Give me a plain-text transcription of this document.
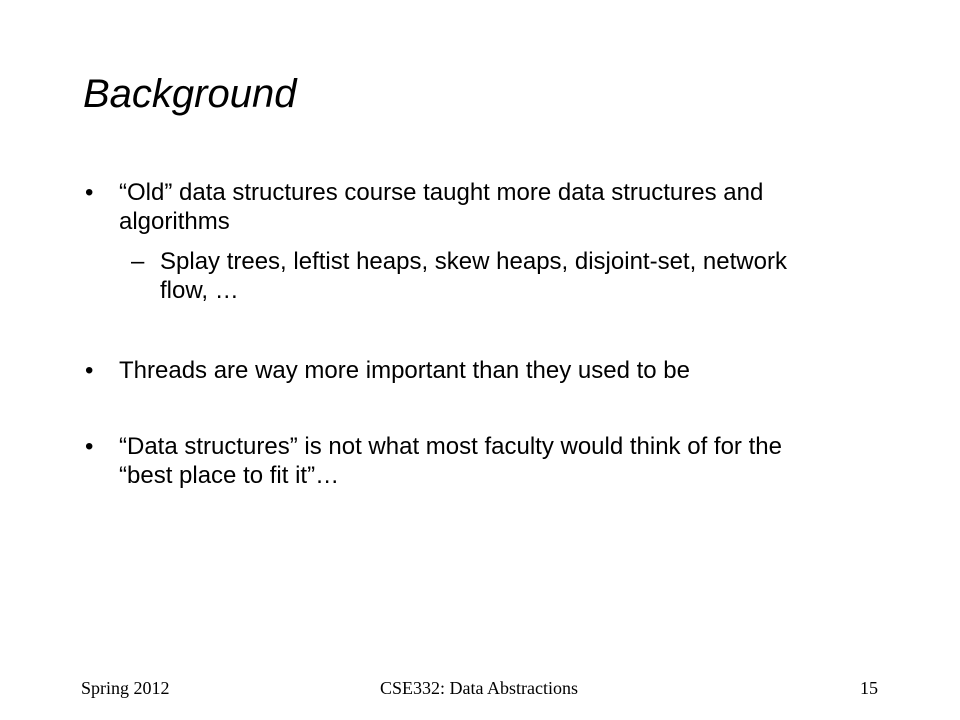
Background
• “Old” data structures course taught more data structures and
algorithms
– Splay trees, leftist heaps, skew heaps, disjoint-set, network
flow, …
• Threads are way more important than they used to be
• “Data structures” is not what most faculty would think of for the
“best place to fit it”…
Spring 2012	CSE332: Data Abstractions	15
